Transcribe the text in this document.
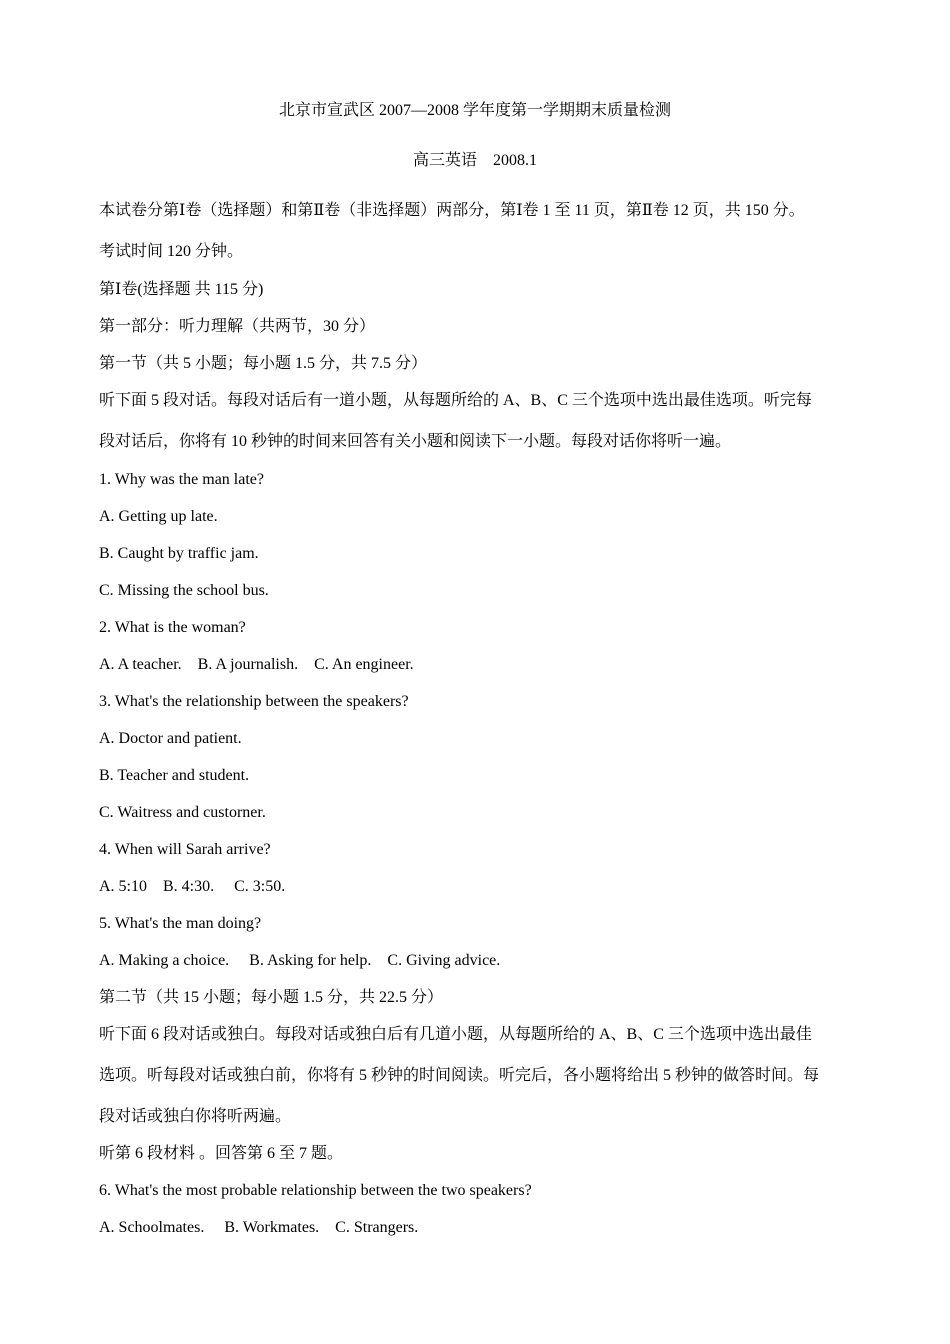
北京市宣武区 2007—2008 学年度第一学期期末质量检测
高三英语　2008.1
本试卷分第Ⅰ卷（选择题）和第Ⅱ卷（非选择题）两部分，第Ⅰ卷 1 至 11 页，第Ⅱ卷 12 页，共 150 分。
考试时间 120 分钟。
第Ⅰ卷(选择题 共 115 分)
第一部分：听力理解（共两节，30 分）
第一节（共 5 小题；每小题 1.5 分，共 7.5 分）
听下面 5 段对话。每段对话后有一道小题，从每题所给的 A、B、C 三个选项中选出最佳选项。听完每
段对话后，你将有 10 秒钟的时间来回答有关小题和阅读下一小题。每段对话你将听一遍。
1. Why was the man late?
A. Getting up late.
B. Caught by traffic jam.
C. Missing the school bus.
2. What is the woman?
A. A teacher.    B. A journalish.    C. An engineer.
3. What's the relationship between the speakers?
A. Doctor and patient.
B. Teacher and student.
C. Waitress and custorner.
4. When will Sarah arrive?
A. 5:10    B. 4:30.     C. 3:50.
5. What's the man doing?
A. Making a choice.     B. Asking for help.    C. Giving advice.
第二节（共 15 小题；每小题 1.5 分，共 22.5 分）
听下面 6 段对话或独白。每段对话或独白后有几道小题，从每题所给的 A、B、C 三个选项中选出最佳
选项。听每段对话或独白前，你将有 5 秒钟的时间阅读。听完后，各小题将给出 5 秒钟的做答时间。每
段对话或独白你将听两遍。
听第 6 段材料 。回答第 6 至 7 题。
6. What's the most probable relationship between the two speakers?
A. Schoolmates.     B. Workmates.    C. Strangers.
